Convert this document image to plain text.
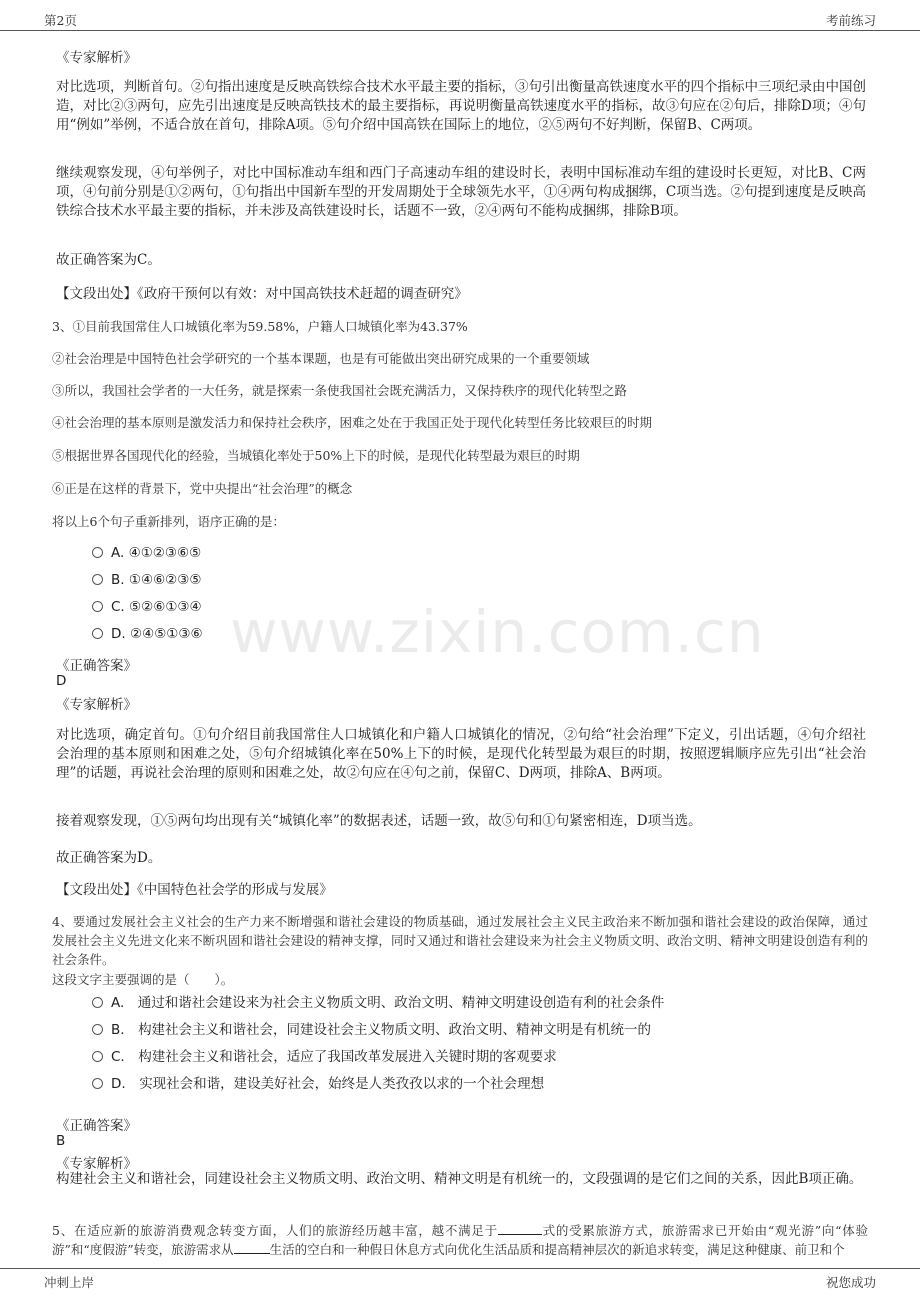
第2页	考前练习
www.zixin.com.cn
《专家解析》
对比选项，判断首句。②句指出速度是反映高铁综合技术水平最主要的指标，③句引出衡量高铁速度水平的四个指标中三项纪录由中国创造，对比②③两句，应先引出速度是反映高铁技术的最主要指标，再说明衡量高铁速度水平的指标，故③句应在②句后，排除D项；④句用“例如”举例，不适合放在首句，排除A项。⑤句介绍中国高铁在国际上的地位，②⑤两句不好判断，保留B、C两项。
继续观察发现，④句举例子，对比中国标准动车组和西门子高速动车组的建设时长，表明中国标准动车组的建设时长更短，对比B、C两项，④句前分别是①②两句，①句指出中国新车型的开发周期处于全球领先水平，①④两句构成捆绑，C项当选。②句提到速度是反映高铁综合技术水平最主要的指标，并未涉及高铁建设时长，话题不一致，②④两句不能构成捆绑，排除B项。
故正确答案为C。
【文段出处】《政府干预何以有效：对中国高铁技术赶超的调查研究》
3、①目前我国常住人口城镇化率为59.58%，户籍人口城镇化率为43.37%
②社会治理是中国特色社会学研究的一个基本课题，也是有可能做出突出研究成果的一个重要领域
③所以，我国社会学者的一大任务，就是探索一条使我国社会既充满活力，又保持秩序的现代化转型之路
④社会治理的基本原则是激发活力和保持社会秩序，困难之处在于我国正处于现代化转型任务比较艰巨的时期
⑤根据世界各国现代化的经验，当城镇化率处于50%上下的时候，是现代化转型最为艰巨的时期
⑥正是在这样的背景下，党中央提出“社会治理”的概念
将以上6个句子重新排列，语序正确的是：
A. ④①②③⑥⑤
B. ①④⑥②③⑤
C. ⑤②⑥①③④
D. ②④⑤①③⑥
《正确答案》
D
《专家解析》
对比选项，确定首句。①句介绍目前我国常住人口城镇化和户籍人口城镇化的情况，②句给“社会治理”下定义，引出话题，④句介绍社会治理的基本原则和困难之处，⑤句介绍城镇化率在50%上下的时候，是现代化转型最为艰巨的时期，按照逻辑顺序应先引出“社会治理”的话题，再说社会治理的原则和困难之处，故②句应在④句之前，保留C、D两项，排除A、B两项。
接着观察发现，①⑤两句均出现有关“城镇化率”的数据表述，话题一致，故⑤句和①句紧密相连，D项当选。
故正确答案为D。
【文段出处】《中国特色社会学的形成与发展》
4、要通过发展社会主义社会的生产力来不断增强和谐社会建设的物质基础，通过发展社会主义民主政治来不断加强和谐社会建设的政治保障，通过发展社会主义先进文化来不断巩固和谐社会建设的精神支撑，同时又通过和谐社会建设来为社会主义物质文明、政治文明、精神文明建设创造有利的社会条件。
这段文字主要强调的是（　　）。
A.　 通过和谐社会建设来为社会主义物质文明、政治文明、精神文明建设创造有利的社会条件
B.　 构建社会主义和谐社会，同建设社会主义物质文明、政治文明、精神文明是有机统一的
C.　 构建社会主义和谐社会，适应了我国改革发展进入关键时期的客观要求
D.　 实现社会和谐，建设美好社会，始终是人类孜孜以求的一个社会理想
《正确答案》
B
《专家解析》
构建社会主义和谐社会，同建设社会主义物质文明、政治文明、精神文明是有机统一的，文段强调的是它们之间的关系，因此B项正确。
5、在适应新的旅游消费观念转变方面，人们的旅游经历越丰富，越不满足于	式的受累旅游方式，旅游需求已开始由“观光游”向“体验游”和“度假游”转变，旅游需求从	生活的空白和一种假日休息方式向优化生活品质和提高精神层次的新追求转变，满足这种健康、前卫和个
冲刺上岸	祝您成功
